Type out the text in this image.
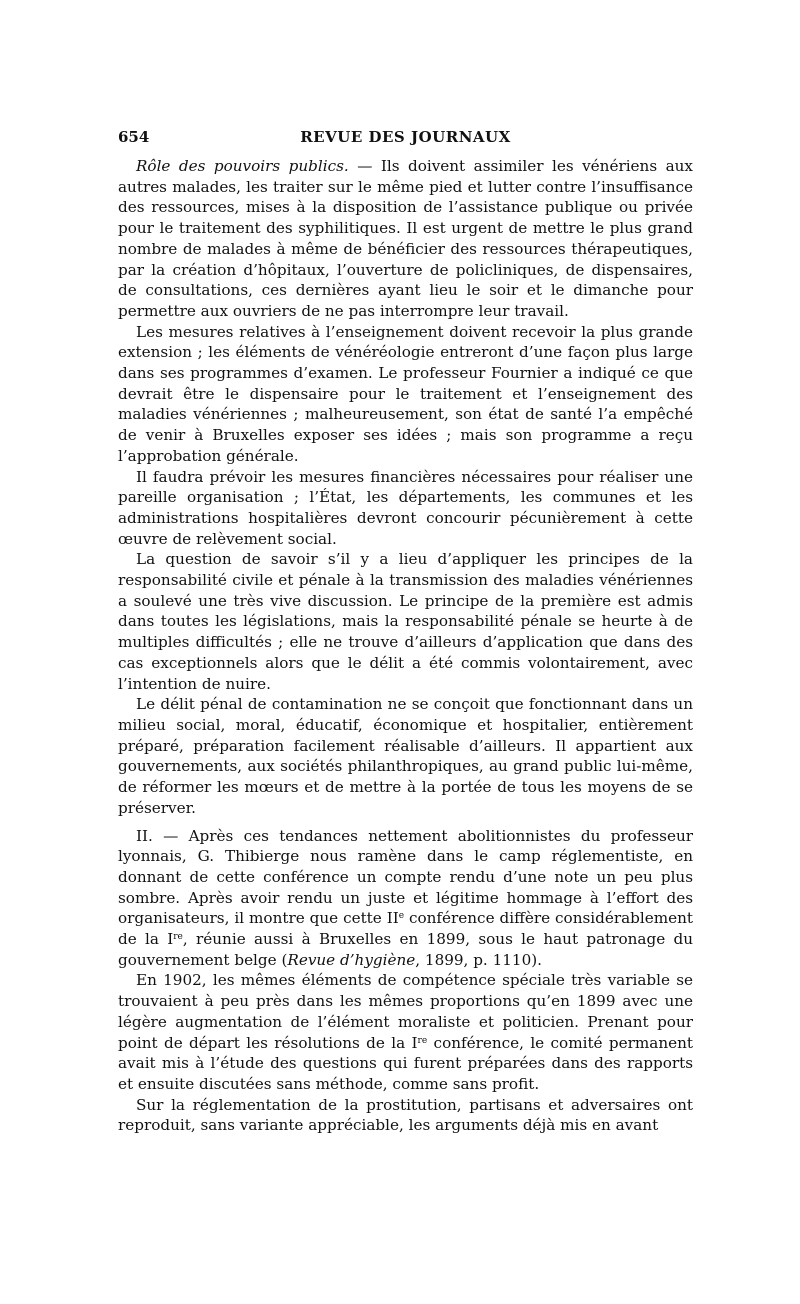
654	REVUE DES JOURNAUX

Rôle des pouvoirs publics. — Ils doivent assimiler les vénériens aux autres malades, les traiter sur le même pied et lutter contre l’insuffisance des ressources, mises à la disposition de l’assistance publique ou privée pour le traitement des syphilitiques. Il est urgent de mettre le plus grand nombre de malades à même de bénéficier des ressources thérapeutiques, par la création d’hôpitaux, l’ouverture de policliniques, de dispensaires, de consultations, ces dernières ayant lieu le soir et le dimanche pour permettre aux ouvriers de ne pas interrompre leur travail.

Les mesures relatives à l’enseignement doivent recevoir la plus grande extension ; les éléments de vénéréologie entreront d’une façon plus large dans ses programmes d’examen. Le professeur Fournier a indiqué ce que devrait être le dispensaire pour le traitement et l’enseignement des maladies vénériennes ; malheureusement, son état de santé l’a empêché de venir à Bruxelles exposer ses idées ; mais son programme a reçu l’approbation générale.

Il faudra prévoir les mesures financières nécessaires pour réaliser une pareille organisation ; l’État, les départements, les communes et les administrations hospitalières devront concourir pécunièrement à cette œuvre de relèvement social.

La question de savoir s’il y a lieu d’appliquer les principes de la responsabilité civile et pénale à la transmission des maladies vénériennes a soulevé une très vive discussion. Le principe de la première est admis dans toutes les législations, mais la responsabilité pénale se heurte à de multiples difficultés ; elle ne trouve d’ailleurs d’application que dans des cas exceptionnels alors que le délit a été commis volontairement, avec l’intention de nuire.

Le délit pénal de contamination ne se conçoit que fonctionnant dans un milieu social, moral, éducatif, économique et hospitalier, entièrement préparé, préparation facilement réalisable d’ailleurs. Il appartient aux gouvernements, aux sociétés philanthropiques, au grand public lui-même, de réformer les mœurs et de mettre à la portée de tous les moyens de se préserver.

II. — Après ces tendances nettement abolitionnistes du professeur lyonnais, G. Thibierge nous ramène dans le camp réglementiste, en donnant de cette conférence un compte rendu d’une note un peu plus sombre. Après avoir rendu un juste et légitime hommage à l’effort des organisateurs, il montre que cette IIe conférence diffère considérablement de la Ire, réunie aussi à Bruxelles en 1899, sous le haut patronage du gouvernement belge (Revue d’hygiène, 1899, p. 1110).

En 1902, les mêmes éléments de compétence spéciale très variable se trouvaient à peu près dans les mêmes proportions qu’en 1899 avec une légère augmentation de l’élément moraliste et politicien. Prenant pour point de départ les résolutions de la Ire conférence, le comité permanent avait mis à l’étude des questions qui furent préparées dans des rapports et ensuite discutées sans méthode, comme sans profit.

Sur la réglementation de la prostitution, partisans et adversaires ont reproduit, sans variante appréciable, les arguments déjà mis en avant
